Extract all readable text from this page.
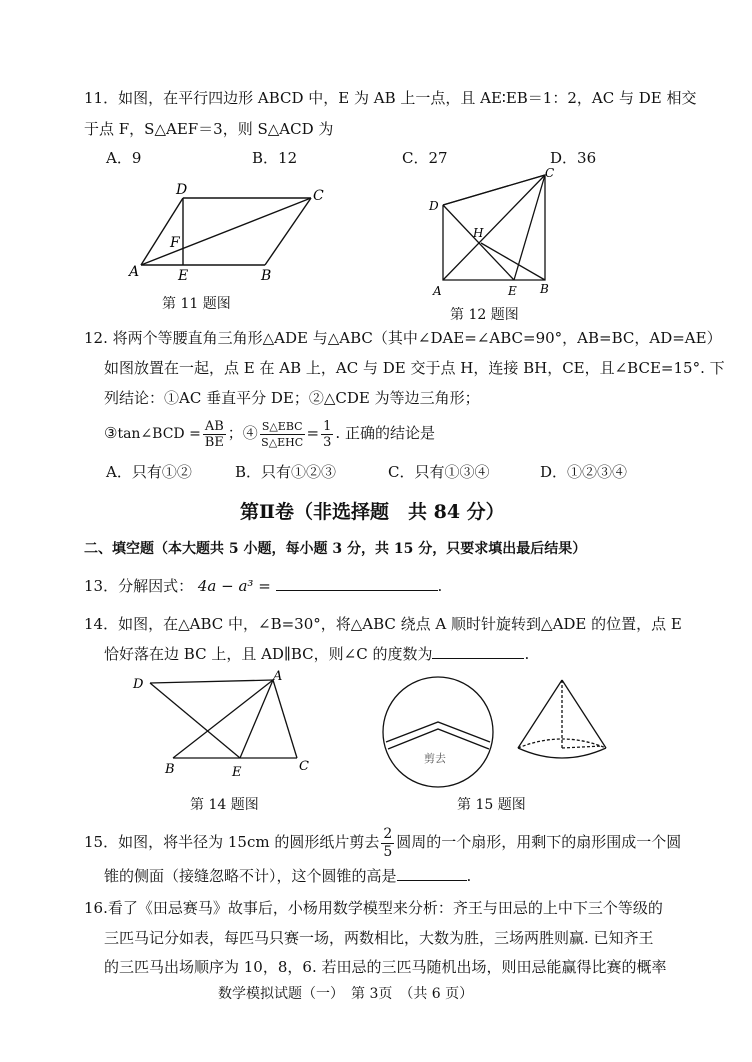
11．如图，在平行四边形 ABCD 中，E 为 AB 上一点，且 AE∶EB＝1：2，AC 与 DE 相交
于点 F，S△AEF＝3，则 S△ACD 为
A．9	B．12	C．27	D．36
D	C
F
A	E	B
第 11 题图
C
D
H
A	E B
第 12 题图
12. 将两个等腰直角三角形△ADE 与△ABC（其中∠DAE=∠ABC=90°，AB=BC，AD=AE）
如图放置在一起，点 E 在 AB 上，AC 与 DE 交于点 H，连接 BH，CE，且∠BCE=15°. 下
列结论：①AC 垂直平分 DE；②△CDE 为等边三角形；
③tan∠BCD = $\frac{AB}{BE}$ ；④ $\frac{\text{S△EBC}}{\text{S△EHC}} = \frac{1}{3}$ . 正确的结论是
A．只有①②	B．只有①②③	C．只有①③④	D．①②③④
第Ⅱ卷（非选择题　共 84 分）
二、填空题（本大题共 5 小题，每小题 3 分，共 15 分，只要求填出最后结果）
13．分解因式： 4a − a³ =	.
14．如图，在△ABC 中，∠B=30°，将△ABC 绕点 A 顺时针旋转到△ADE 的位置，点 E
恰好落在边 BC 上，且 AD∥BC，则∠C 的度数为	.
D
A
B	E	C
第 14 题图
剪去
第 15 题图
15．如图，将半径为 15cm 的圆形纸片剪去 $\frac{2}{5}$ 圆周的一个扇形，用剩下的扇形围成一个圆
锥的侧面（接缝忽略不计），这个圆锥的高是	.
16.看了《田忌赛马》故事后，小杨用数学模型来分析：齐王与田忌的上中下三个等级的
三匹马记分如表，每匹马只赛一场，两数相比，大数为胜，三场两胜则赢. 已知齐王
的三匹马出场顺序为 10，8，6. 若田忌的三匹马随机出场，则田忌能赢得比赛的概率
数学模拟试题（一）　第 3页　（共 6 页）
